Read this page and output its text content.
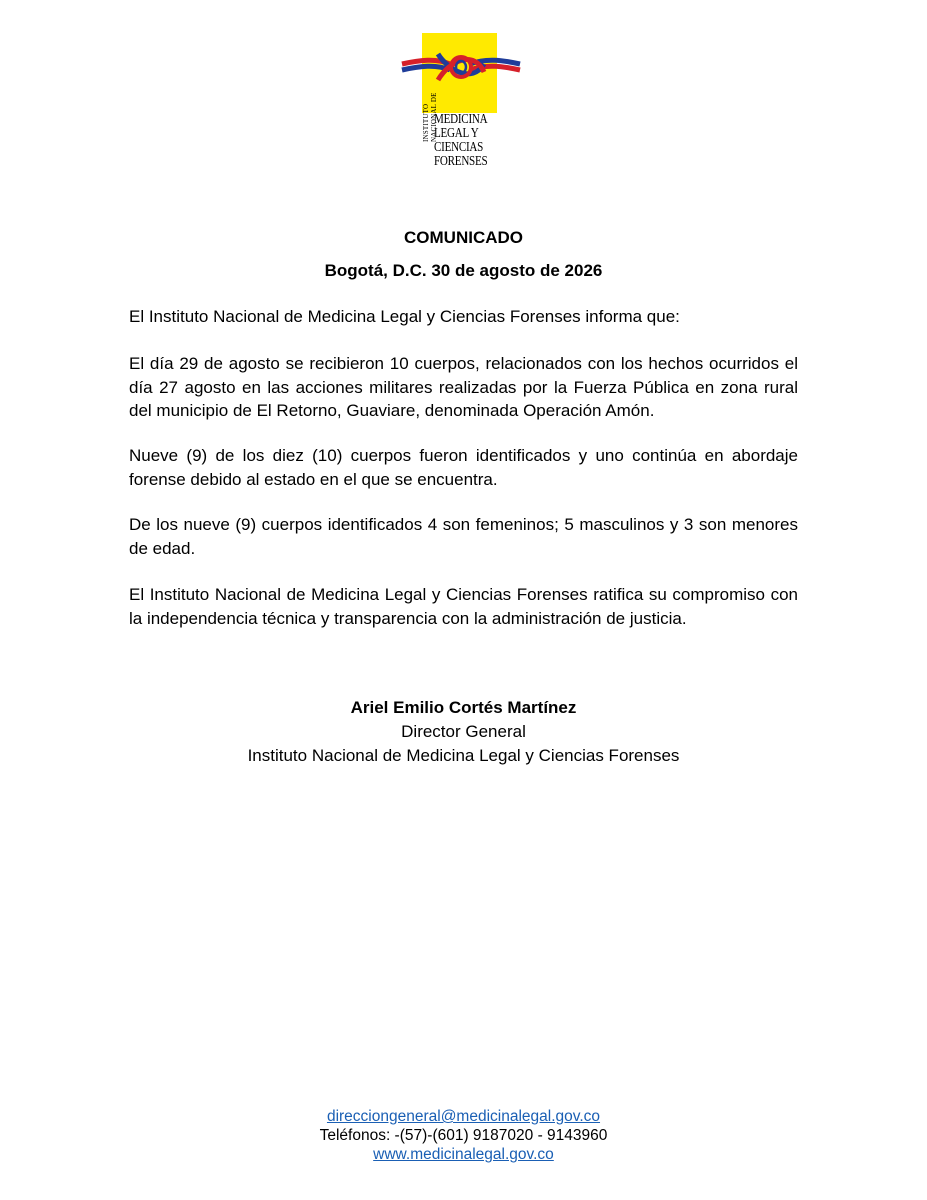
INSTITUTO NACIONAL DE
MEDICINA
LEGAL Y
CIENCIAS
FORENSES
COMUNICADO
Bogotá, D.C. 30 de agosto de 2026
El Instituto Nacional de Medicina Legal y Ciencias Forenses informa que:
El día 29 de agosto se recibieron 10 cuerpos, relacionados con los hechos ocurridos el día 27 agosto en las acciones militares realizadas por la Fuerza Pública en zona rural del municipio de El Retorno, Guaviare, denominada Operación Amón.
Nueve (9) de los diez (10) cuerpos fueron identificados y uno continúa en abordaje forense debido al estado en el que se encuentra.
De los nueve (9) cuerpos identificados 4 son femeninos; 5 masculinos y 3 son menores de edad.
El Instituto Nacional de Medicina Legal y Ciencias Forenses ratifica su compromiso con la independencia técnica y transparencia con la administración de justicia.
Ariel Emilio Cortés Martínez
Director General
Instituto Nacional de Medicina Legal y Ciencias Forenses
direcciongeneral@medicinalegal.gov.co
Teléfonos: -(57)-(601) 9187020 - 9143960
www.medicinalegal.gov.co
